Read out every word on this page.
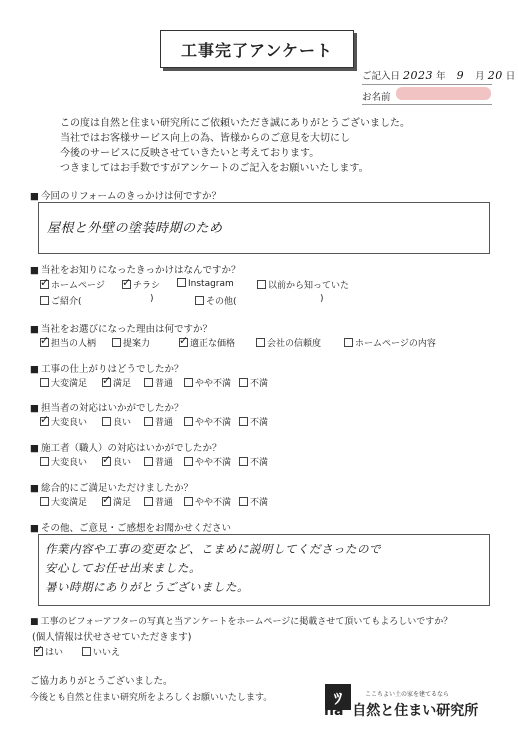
工事完了アンケート
ご記入日 2023 年 9 月 20 日
お名前
この度は自然と住まい研究所にご依頼いただき誠にありがとうございました。
当社ではお客様サービス向上の為、皆様からのご意見を大切にし
今後のサービスに反映させていきたいと考えております。
つきましてはお手数ですがアンケートのご記入をお願いいたします。
■ 今回のリフォームのきっかけは何ですか？
屋根と外壁の塗装時期のため
■ 当社をお知りになったきっかけはなんですか？
✓ホームページ ✓	チラシ	Instagram	以前から知っていた
ご紹介(	)	その他(	)
■ 当社をお選びになった理由は何ですか？
✓担当の人柄	提案力 ✓	適正な価格	会社の信頼度	ホームページの内容
■ 工事の仕上がりはどうでしたか？
大変満足 ✓	満足	普通	やや不満	不満
■ 担当者の対応はいかがでしたか？
✓大変良い	良い	普通	やや不満	不満
■ 施工者（職人）の対応はいかがでしたか？
大変良い ✓	良い	普通	やや不満	不満
■ 総合的にご満足いただけましたか？
大変満足 ✓	満足	普通	やや不満	不満
■ その他、ご意見・ご感想をお聞かせください
作業内容や工事の変更など、こまめに説明してくださったので
安心してお任せ出来ました。
暑い時期にありがとうございました。
■ 工事のビフォーアフターの写真と当アンケートをホームページに掲載させて頂いてもよろしいですか？
(個人情報は伏せさせていただきます)
✓はい	いいえ
ご協力ありがとうございました。
今後とも自然と住まい研究所をよろしくお願いいたします。	ﾂ	ここちよい土の家を建てるなら
na 自然と住まい研究所
